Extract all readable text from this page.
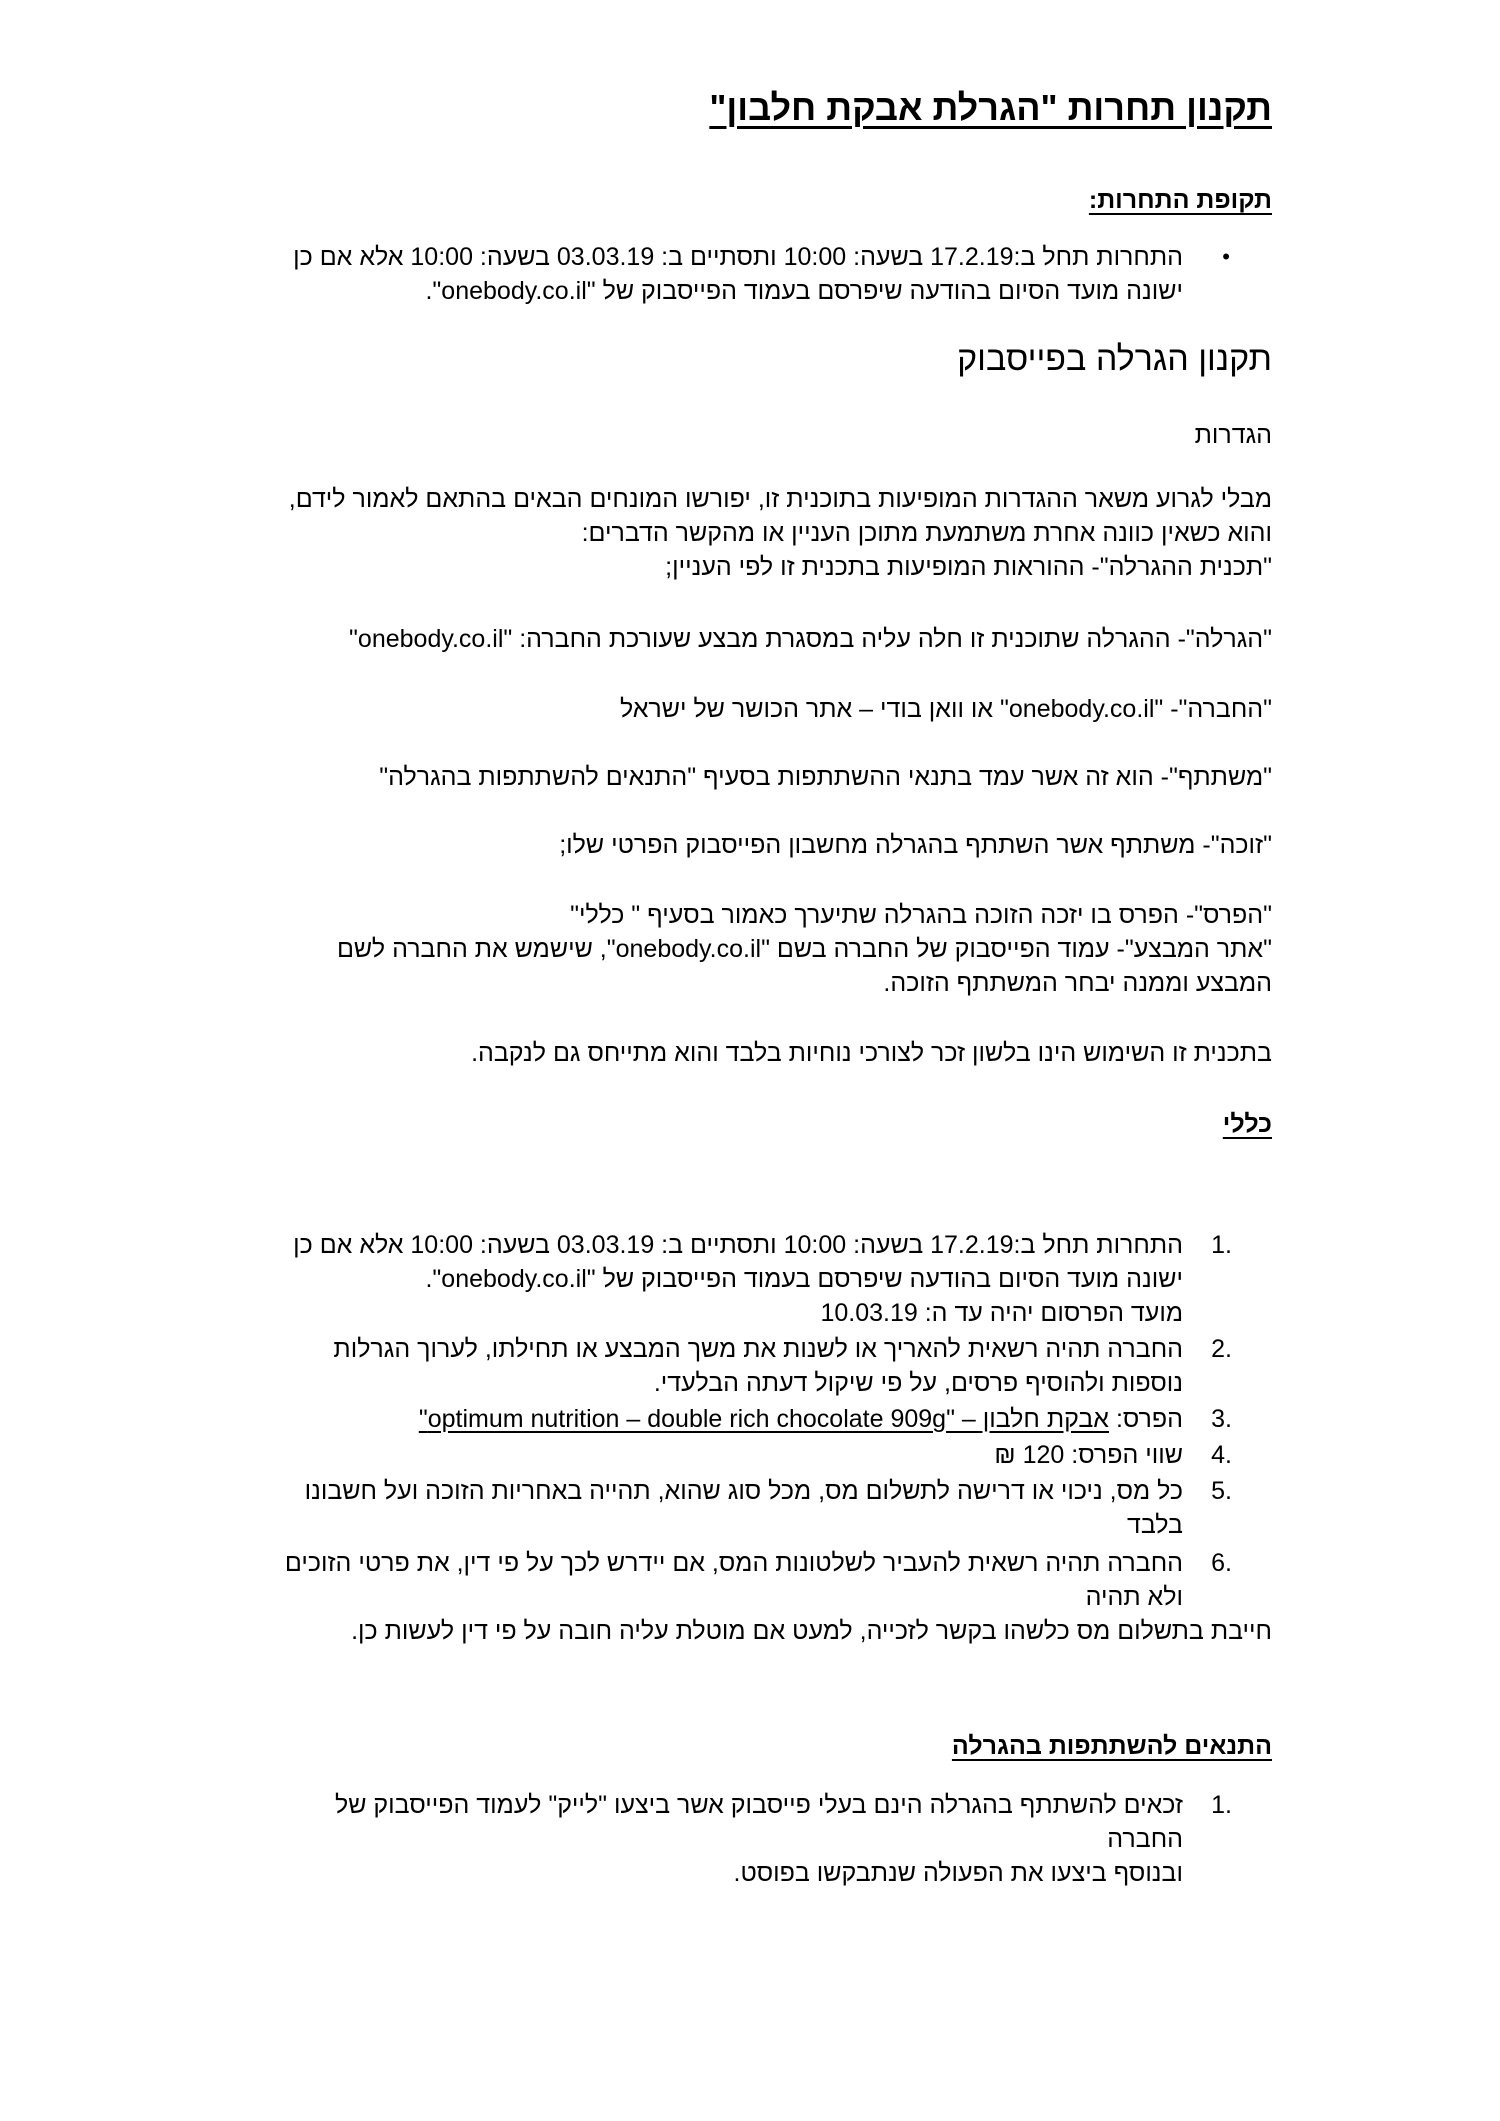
תקנון תחרות "הגרלת אבקת חלבון"
תקופת התחרות:
•
התחרות תחל ב:17.2.19 בשעה: 10:00 ותסתיים ב: 03.03.19 בשעה: 10:00 אלא אם כן
ישונה מועד הסיום בהודעה שיפרסם בעמוד הפייסבוק של "onebody.co.il".
תקנון הגרלה בפייסבוק
הגדרות
מבלי לגרוע משאר ההגדרות המופיעות בתוכנית זו, יפורשו המונחים הבאים בהתאם לאמור לידם,
והוא כשאין כוונה אחרת משתמעת מתוכן העניין או מהקשר הדברים:
"תכנית ההגרלה"- ההוראות המופיעות בתכנית זו לפי העניין;
"הגרלה"- ההגרלה שתוכנית זו חלה עליה במסגרת מבצע שעורכת החברה: "onebody.co.il"
"החברה"- "onebody.co.il" או וואן בודי – אתר הכושר של ישראל
"משתתף"- הוא זה אשר עמד בתנאי ההשתתפות בסעיף "התנאים להשתתפות בהגרלה"
"זוכה"- משתתף אשר השתתף בהגרלה מחשבון הפייסבוק הפרטי שלו;
"הפרס"- הפרס בו יזכה הזוכה בהגרלה שתיערך כאמור בסעיף " כללי"
"אתר המבצע"- עמוד הפייסבוק של החברה בשם "onebody.co.il", שישמש את החברה לשם
המבצע וממנה יבחר המשתתף הזוכה.
בתכנית זו השימוש הינו בלשון זכר לצורכי נוחיות בלבד והוא מתייחס גם לנקבה.
כללי
1.
התחרות תחל ב:17.2.19 בשעה: 10:00 ותסתיים ב: 03.03.19 בשעה: 10:00 אלא אם כן
ישונה מועד הסיום בהודעה שיפרסם בעמוד הפייסבוק של "onebody.co.il".
מועד הפרסום יהיה עד ה: 10.03.19
2.
החברה תהיה רשאית להאריך או לשנות את משך המבצע או תחילתו, לערוך הגרלות
נוספות ולהוסיף פרסים, על פי שיקול דעתה הבלעדי.
3.
הפרס: אבקת חלבון – "optimum nutrition – double rich chocolate 909g"
4.
שווי הפרס: 120 ₪
5.
כל מס, ניכוי או דרישה לתשלום מס, מכל סוג שהוא, תהייה באחריות הזוכה ועל חשבונו
בלבד
6.
החברה תהיה רשאית להעביר לשלטונות המס, אם יידרש לכך על פי דין, את פרטי הזוכים
ולא תהיה
חייבת בתשלום מס כלשהו בקשר לזכייה, למעט אם מוטלת עליה חובה על פי דין לעשות כן.
התנאים להשתתפות בהגרלה
1.
זכאים להשתתף בהגרלה הינם בעלי פייסבוק אשר ביצעו "לייק" לעמוד הפייסבוק של
החברה
ובנוסף ביצעו את הפעולה שנתבקשו בפוסט.
